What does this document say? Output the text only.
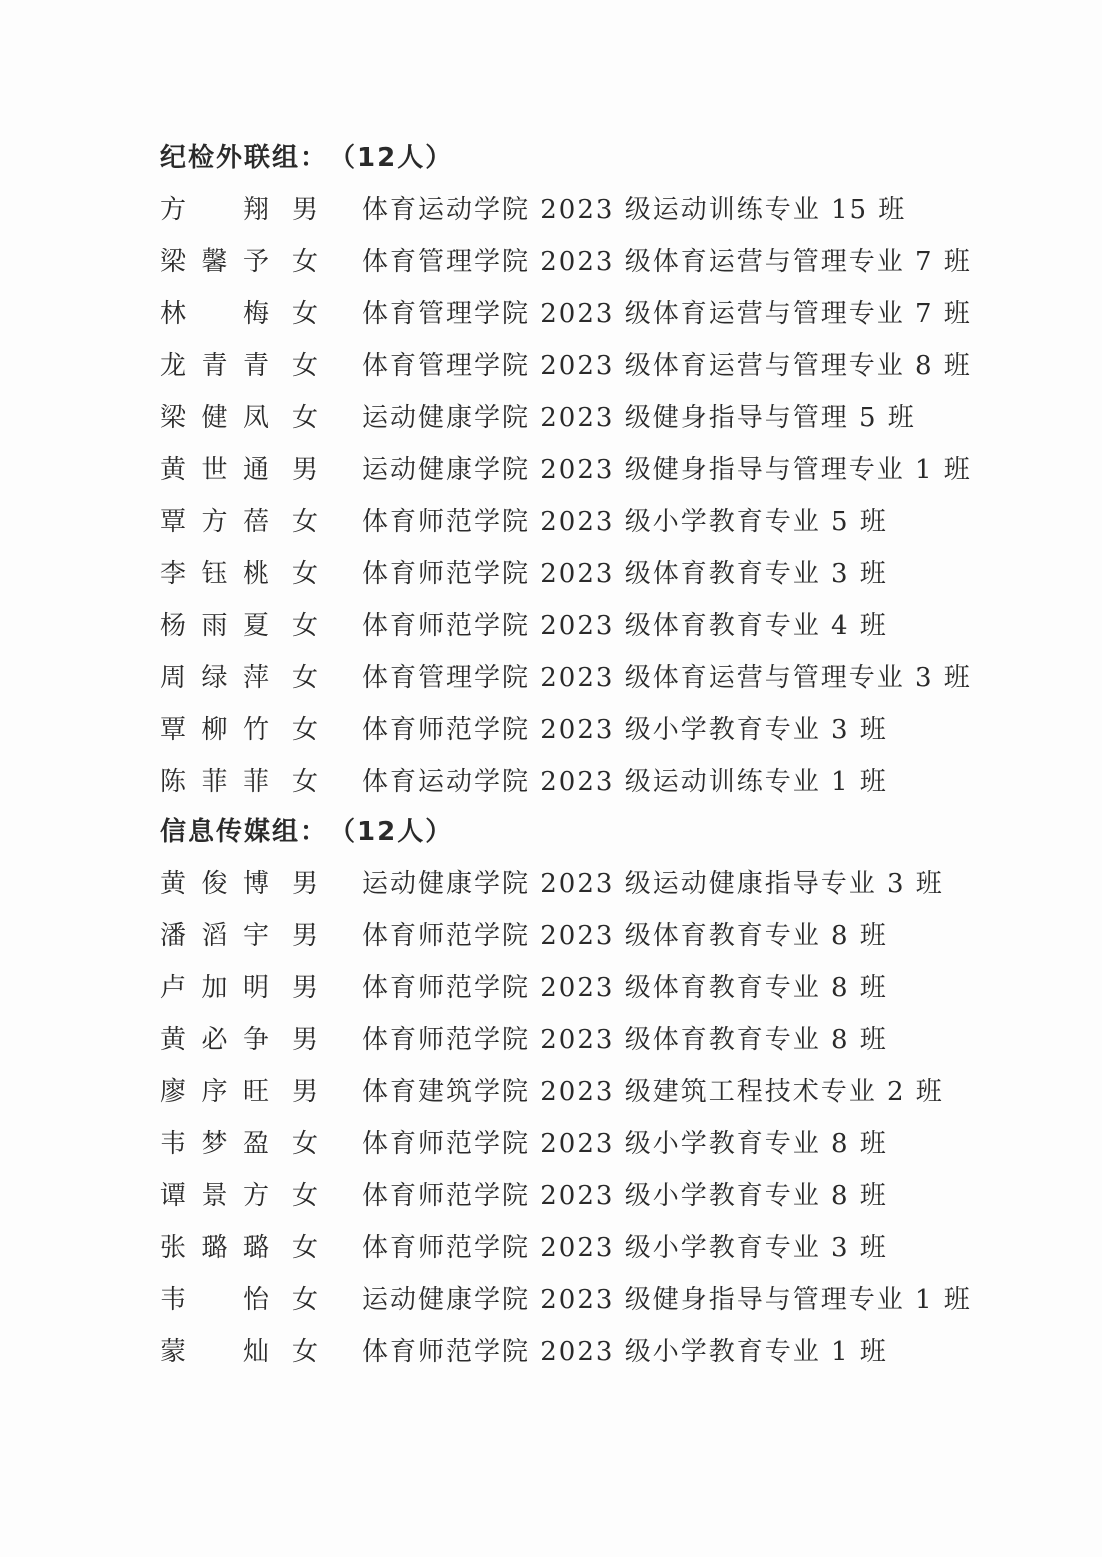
纪检外联组： （12人）
方翔 男 体育运动学院 2023 级运动训练专业 15 班
梁馨予 女 体育管理学院 2023 级体育运营与管理专业 7 班
林梅 女 体育管理学院 2023 级体育运营与管理专业 7 班
龙青青 女 体育管理学院 2023 级体育运营与管理专业 8 班
梁健凤 女 运动健康学院 2023 级健身指导与管理 5 班
黄世通 男 运动健康学院 2023 级健身指导与管理专业 1 班
覃方蓓 女 体育师范学院 2023 级小学教育专业 5 班
李钰桃 女 体育师范学院 2023 级体育教育专业 3 班
杨雨夏 女 体育师范学院 2023 级体育教育专业 4 班
周绿萍 女 体育管理学院 2023 级体育运营与管理专业 3 班
覃柳竹 女 体育师范学院 2023 级小学教育专业 3 班
陈菲菲 女 体育运动学院 2023 级运动训练专业 1 班
信息传媒组： （12人）
黄俊博 男 运动健康学院 2023 级运动健康指导专业 3 班
潘滔宇 男 体育师范学院 2023 级体育教育专业 8 班
卢加明 男 体育师范学院 2023 级体育教育专业 8 班
黄必争 男 体育师范学院 2023 级体育教育专业 8 班
廖序旺 男 体育建筑学院 2023 级建筑工程技术专业 2 班
韦梦盈 女 体育师范学院 2023 级小学教育专业 8 班
谭景方 女 体育师范学院 2023 级小学教育专业 8 班
张璐璐 女 体育师范学院 2023 级小学教育专业 3 班
韦怡 女 运动健康学院 2023 级健身指导与管理专业 1 班
蒙灿 女 体育师范学院 2023 级小学教育专业 1 班
